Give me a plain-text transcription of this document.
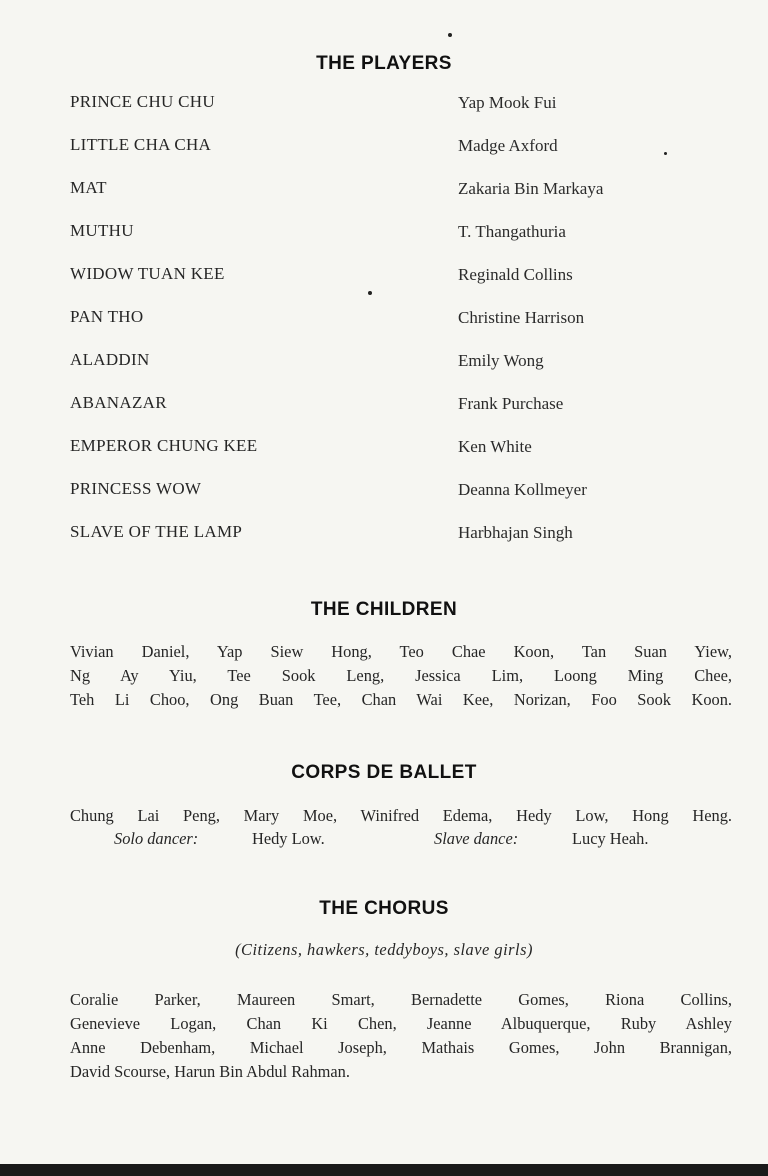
THE PLAYERS
PRINCE CHU CHU	Yap Mook Fui
LITTLE CHA CHA	Madge Axford
MAT	Zakaria Bin Markaya
MUTHU	T. Thangathuria
WIDOW TUAN KEE	Reginald Collins
PAN THO	Christine Harrison
ALADDIN	Emily Wong
ABANAZAR	Frank Purchase
EMPEROR CHUNG KEE	Ken White
PRINCESS WOW	Deanna Kollmeyer
SLAVE OF THE LAMP	Harbhajan Singh
THE CHILDREN
Vivian Daniel, Yap Siew Hong, Teo Chae Koon, Tan Suan Yiew,
Ng Ay Yiu, Tee Sook Leng, Jessica Lim, Loong Ming Chee,
Teh Li Choo, Ong Buan Tee, Chan Wai Kee, Norizan, Foo Sook Koon.
CORPS DE BALLET
Chung Lai Peng, Mary Moe, Winifred Edema, Hedy Low, Hong Heng.
Solo dancer:	Hedy Low.	Slave dance:	Lucy Heah.
THE CHORUS
(Citizens, hawkers, teddyboys, slave girls)
Coralie Parker, Maureen Smart, Bernadette Gomes, Riona Collins,
Genevieve Logan, Chan Ki Chen, Jeanne Albuquerque, Ruby Ashley
Anne Debenham, Michael Joseph, Mathais Gomes, John Brannigan,
David Scourse, Harun Bin Abdul Rahman.
